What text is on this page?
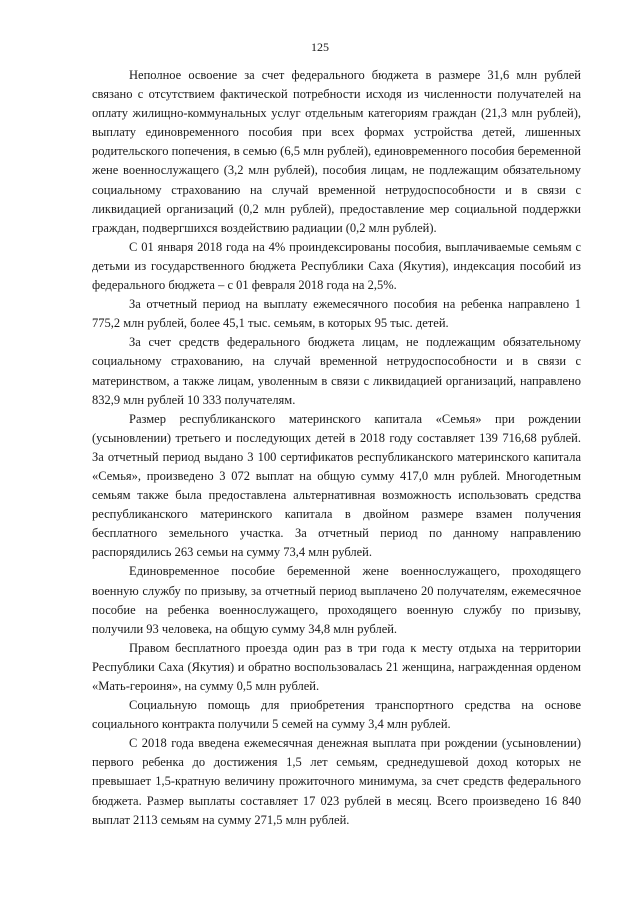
125

Неполное освоение за счет федерального бюджета в размере 31,6 млн рублей связано с отсутствием фактической потребности исходя из численности получателей на оплату жилищно-коммунальных услуг отдельным категориям граждан (21,3 млн рублей), выплату единовременного пособия при всех формах устройства детей, лишенных родительского попечения, в семью (6,5 млн рублей), единовременного пособия беременной жене военнослужащего (3,2 млн рублей), пособия лицам, не подлежащим обязательному социальному страхованию на случай временной нетрудоспособности и в связи с ликвидацией организаций (0,2 млн рублей), предоставление мер социальной поддержки граждан, подвергшихся воздействию радиации (0,2 млн рублей).

С 01 января 2018 года на 4% проиндексированы пособия, выплачиваемые семьям с детьми из государственного бюджета Республики Саха (Якутия), индексация пособий из федерального бюджета – с 01 февраля 2018 года на 2,5%.

За отчетный период на выплату ежемесячного пособия на ребенка направлено 1 775,2 млн рублей, более 45,1 тыс. семьям, в которых 95 тыс. детей.

За счет средств федерального бюджета лицам, не подлежащим обязательному социальному страхованию, на случай временной нетрудоспособности и в связи с материнством, а также лицам, уволенным в связи с ликвидацией организаций, направлено 832,9 млн рублей 10 333 получателям.

Размер республиканского материнского капитала «Семья» при рождении (усыновлении) третьего и последующих детей в 2018 году составляет 139 716,68 рублей. За отчетный период выдано 3 100 сертификатов республиканского материнского капитала «Семья», произведено 3 072 выплат на общую сумму 417,0 млн рублей. Многодетным семьям также была предоставлена альтернативная возможность использовать средства республиканского материнского капитала в двойном размере взамен получения бесплатного земельного участка. За отчетный период по данному направлению распорядились 263 семьи на сумму 73,4 млн рублей.

Единовременное пособие беременной жене военнослужащего, проходящего военную службу по призыву, за отчетный период выплачено 20 получателям, ежемесячное пособие на ребенка военнослужащего, проходящего военную службу по призыву, получили 93 человека, на общую сумму 34,8 млн рублей.

Правом бесплатного проезда один раз в три года к месту отдыха на территории Республики Саха (Якутия) и обратно воспользовалась 21 женщина, награжденная орденом «Мать-героиня», на сумму 0,5 млн рублей.

Социальную помощь для приобретения транспортного средства на основе социального контракта получили 5 семей на сумму 3,4 млн рублей.

С 2018 года введена ежемесячная денежная выплата при рождении (усыновлении) первого ребенка до достижения 1,5 лет семьям, среднедушевой доход которых не превышает 1,5-кратную величину прожиточного минимума, за счет средств федерального бюджета. Размер выплаты составляет 17 023 рублей в месяц. Всего произведено 16 840 выплат 2113 семьям на сумму 271,5 млн рублей.
